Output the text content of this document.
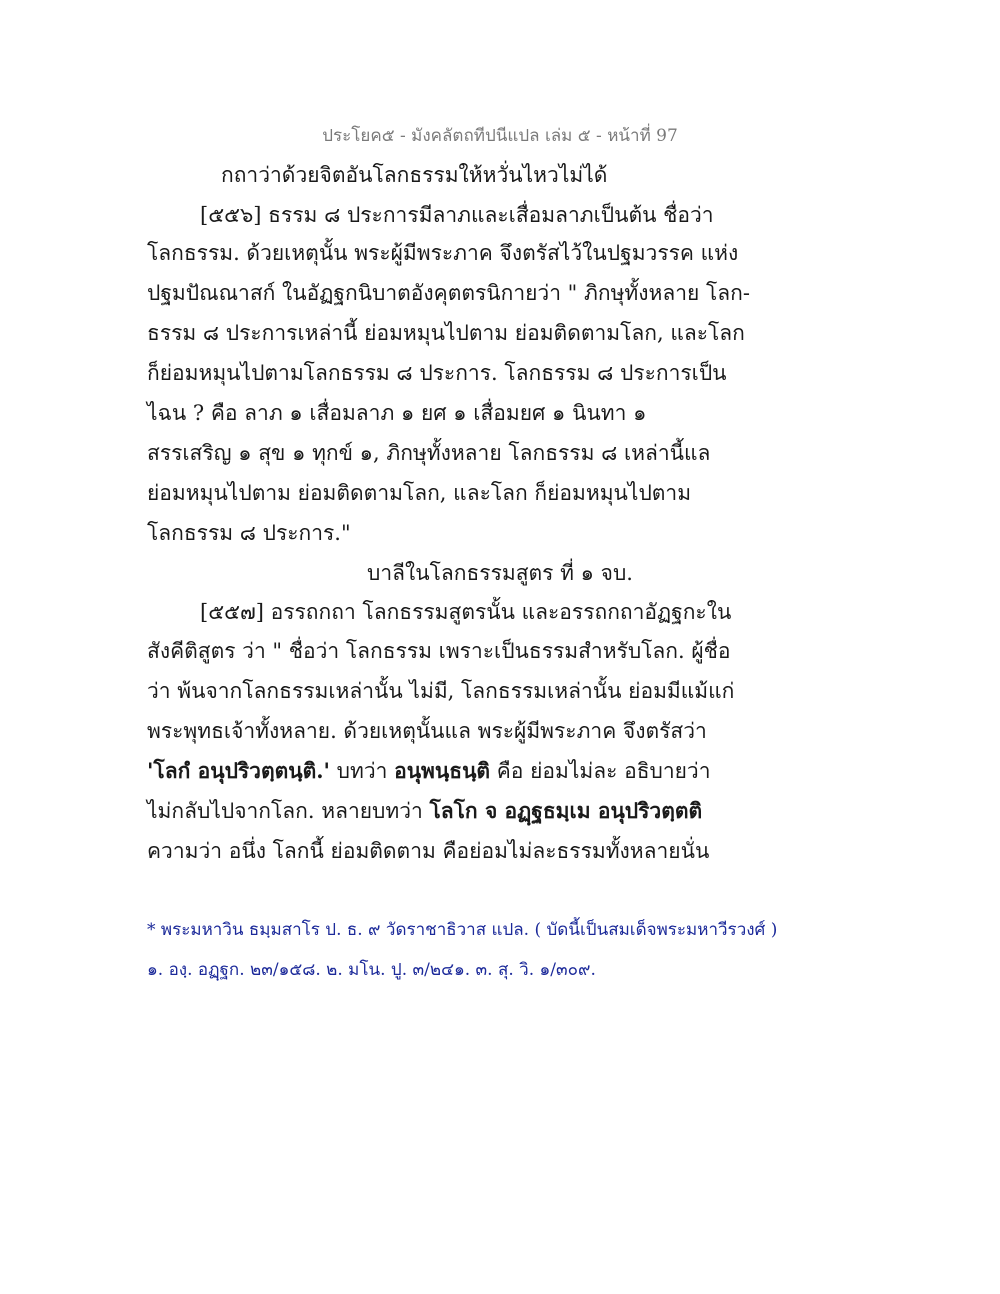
ประโยค๕ - มังคลัตถทีปนีแปล เล่ม ๕ - หน้าที่ 97
กถาว่าด้วยจิตอันโลกธรรมให้หวั่นไหวไม่ได้
[๕๕๖] ธรรม ๘ ประการมีลาภและเสื่อมลาภเป็นต้น ชื่อว่า
โลกธรรม. ด้วยเหตุนั้น พระผู้มีพระภาค จึงตรัสไว้ในปฐมวรรค แห่ง
ปฐมปัณณาสก์ ในอัฏฐกนิบาตอังคุตตรนิกายว่า " ภิกษุทั้งหลาย โลก-
ธรรม ๘ ประการเหล่านี้ ย่อมหมุนไปตาม ย่อมติดตามโลก, และโลก
ก็ย่อมหมุนไปตามโลกธรรม ๘ ประการ. โลกธรรม ๘ ประการเป็น
ไฉน ? คือ ลาภ ๑ เสื่อมลาภ ๑ ยศ ๑ เสื่อมยศ ๑ นินทา ๑
สรรเสริญ ๑ สุข ๑ ทุกข์ ๑, ภิกษุทั้งหลาย โลกธรรม ๘ เหล่านี้แล
ย่อมหมุนไปตาม ย่อมติดตามโลก, และโลก ก็ย่อมหมุนไปตาม
โลกธรรม ๘ ประการ."
บาลีในโลกธรรมสูตร ที่ ๑ จบ.
[๕๕๗] อรรถกถา โลกธรรมสูตรนั้น และอรรถกถาอัฏฐกะใน
สังคีติสูตร ว่า " ชื่อว่า โลกธรรม เพราะเป็นธรรมสำหรับโลก. ผู้ชื่อ
ว่า พ้นจากโลกธรรมเหล่านั้น ไม่มี, โลกธรรมเหล่านั้น ย่อมมีแม้แก่
พระพุทธเจ้าทั้งหลาย. ด้วยเหตุนั้นแล พระผู้มีพระภาค จึงตรัสว่า
'โลกํ อนุปริวตฺตนฺติ.' บทว่า อนุพนฺธนฺติ คือ ย่อมไม่ละ อธิบายว่า
ไม่กลับไปจากโลก. หลายบทว่า โลโก จ อฏฺฐธมฺเม อนุปริวตฺตติ
ความว่า อนึ่ง โลกนี้ ย่อมติดตาม คือย่อมไม่ละธรรมทั้งหลายนั่น
* พระมหาวิน ธมฺมสาโร ป. ธ. ๙ วัดราชาธิวาส แปล. ( บัดนี้เป็นสมเด็จพระมหาวีรวงศ์ )
๑. องฺ. อฏฺฐก. ๒๓/๑๕๘. ๒. มโน. ปู. ๓/๒๔๑. ๓. สุ. วิ. ๑/๓๐๙.
